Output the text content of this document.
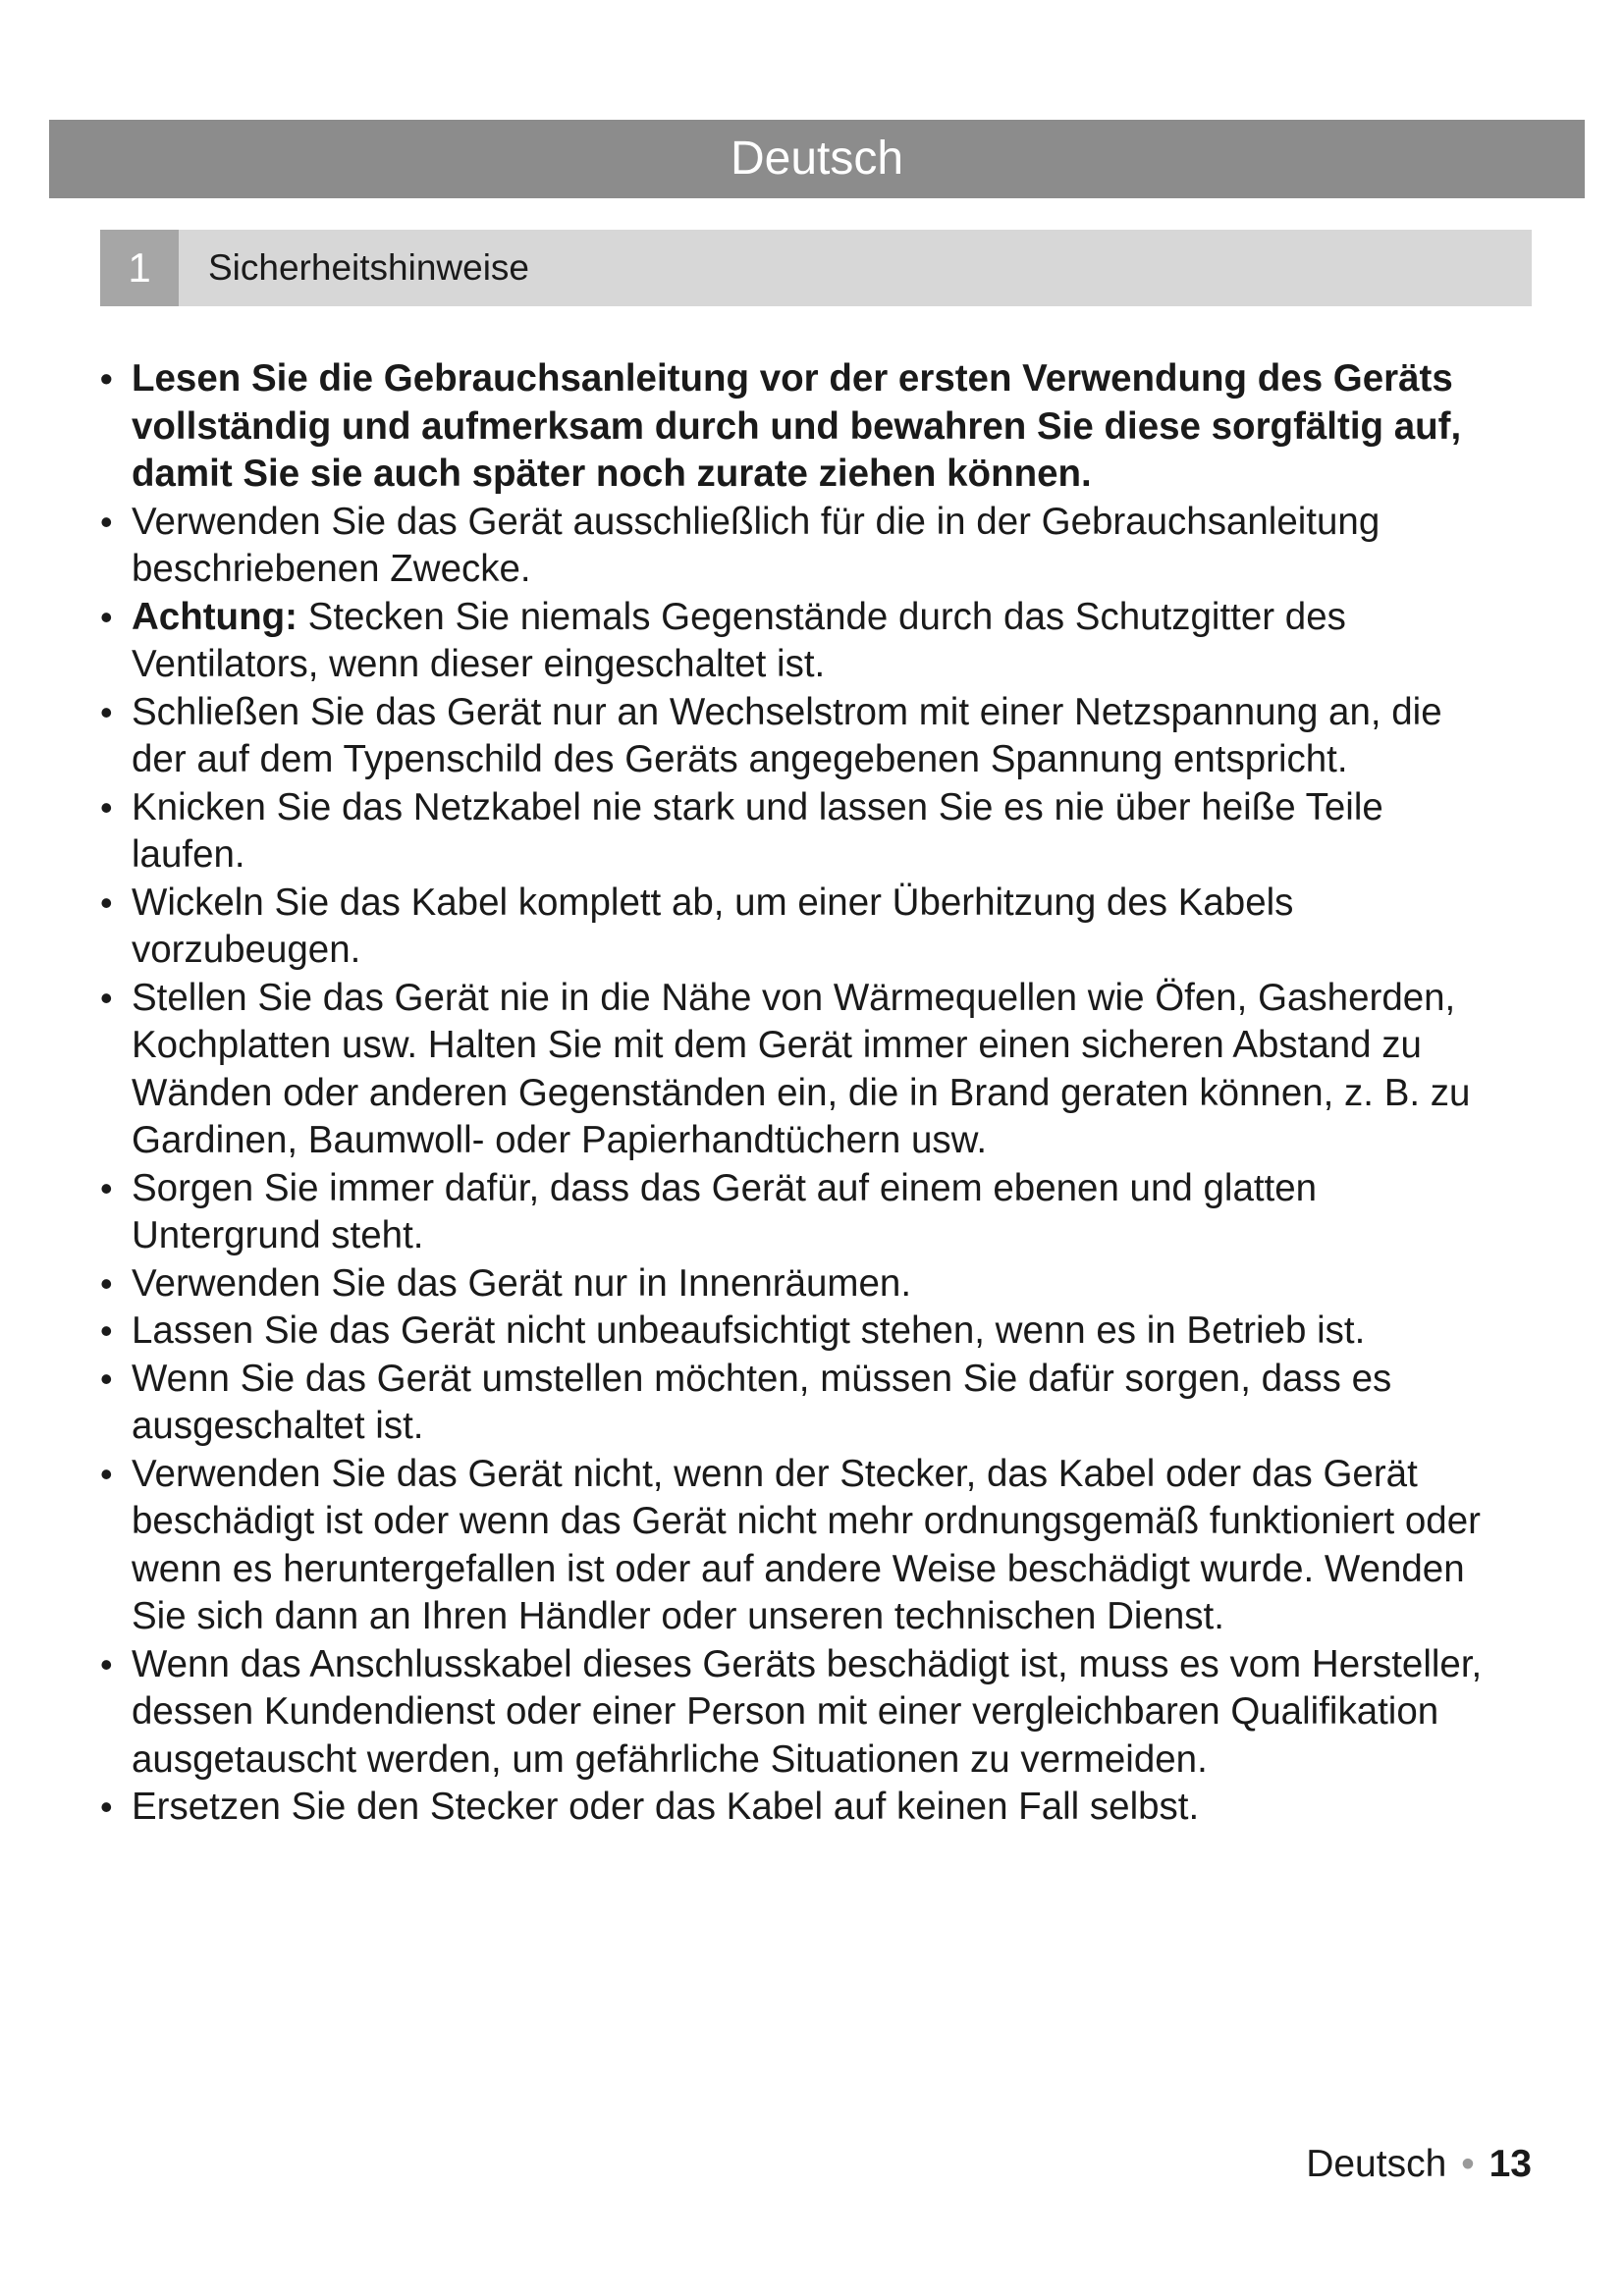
Deutsch
1	Sicherheitshinweise
• Lesen Sie die Gebrauchsanleitung vor der ersten Verwendung des Geräts vollständig und aufmerksam durch und bewahren Sie diese sorgfältig auf, damit Sie sie auch später noch zurate ziehen können.
• Verwenden Sie das Gerät ausschließlich für die in der Gebrauchsanleitung beschriebenen Zwecke.
• Achtung: Stecken Sie niemals Gegenstände durch das Schutzgitter des Ventilators, wenn dieser eingeschaltet ist.
• Schließen Sie das Gerät nur an Wechselstrom mit einer Netzspannung an, die der auf dem Typenschild des Geräts angegebenen Spannung entspricht.
• Knicken Sie das Netzkabel nie stark und lassen Sie es nie über heiße Teile laufen.
• Wickeln Sie das Kabel komplett ab, um einer Überhitzung des Kabels vorzubeugen.
• Stellen Sie das Gerät nie in die Nähe von Wärmequellen wie Öfen, Gasherden, Kochplatten usw. Halten Sie mit dem Gerät immer einen sicheren Abstand zu Wänden oder anderen Gegenständen ein, die in Brand geraten können, z. B. zu Gardinen, Baumwoll- oder Papierhandtüchern usw.
• Sorgen Sie immer dafür, dass das Gerät auf einem ebenen und glatten Untergrund steht.
• Verwenden Sie das Gerät nur in Innenräumen.
• Lassen Sie das Gerät nicht unbeaufsichtigt stehen, wenn es in Betrieb ist.
• Wenn Sie das Gerät umstellen möchten, müssen Sie dafür sorgen, dass es ausgeschaltet ist.
• Verwenden Sie das Gerät nicht, wenn der Stecker, das Kabel oder das Gerät beschädigt ist oder wenn das Gerät nicht mehr ordnungsgemäß funktioniert oder wenn es heruntergefallen ist oder auf andere Weise beschädigt wurde. Wenden Sie sich dann an Ihren Händler oder unseren technischen Dienst.
• Wenn das Anschlusskabel dieses Geräts beschädigt ist, muss es vom Hersteller, dessen Kundendienst oder einer Person mit einer vergleichbaren Qualifikation ausgetauscht werden, um gefährliche Situationen zu vermeiden.
• Ersetzen Sie den Stecker oder das Kabel auf keinen Fall selbst.
Deutsch • 13
